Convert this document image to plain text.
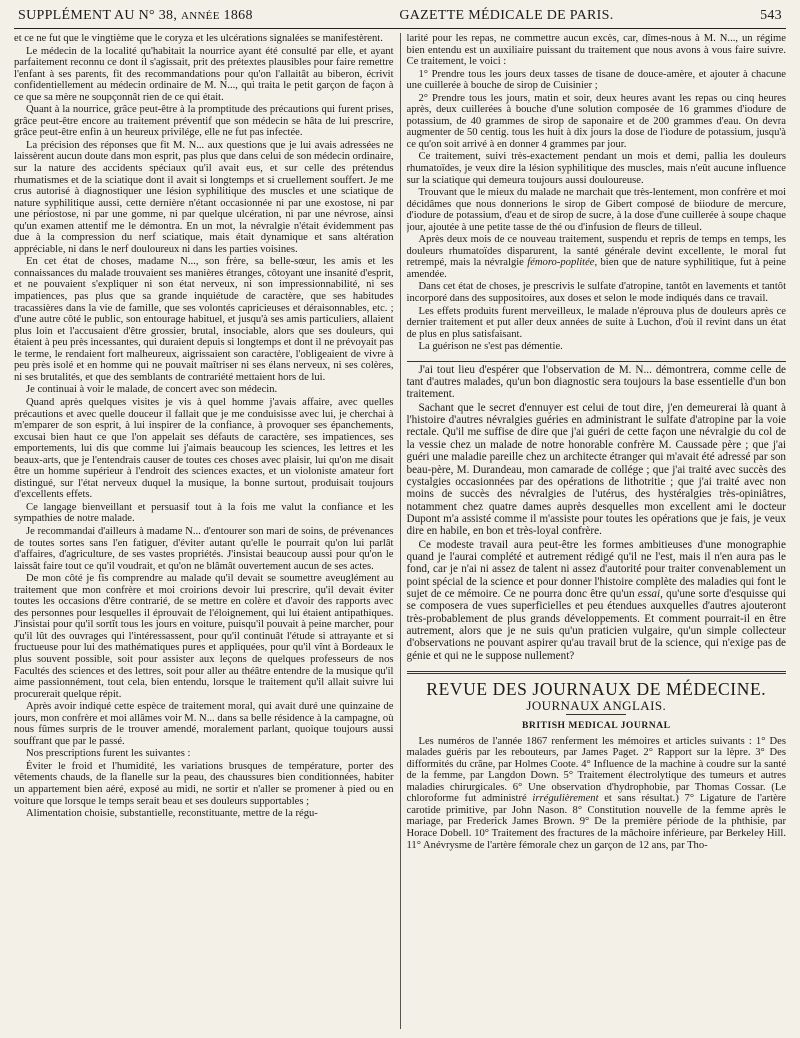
SUPPLÉMENT AU N° 38, ANNÉE 1868	GAZETTE MÉDICALE DE PARIS.	543

et ce ne fut que le vingtième que le coryza et les ulcérations signalées se manifestèrent.

Le médecin de la localité qu'habitait la nourrice ayant été consulté par elle, et ayant parfaitement reconnu ce dont il s'agissait, prit des prétextes plausibles pour faire remettre l'enfant à ses parents, fit des recommandations pour qu'on l'allaitât au biberon, écrivit confidentiellement au médecin ordinaire de M. N..., qui traita le petit garçon de façon à ce que sa mère ne soupçonnât rien de ce qui était.

Quant à la nourrice, grâce peut-être à la promptitude des précautions qui furent prises, grâce peut-être encore au traitement préventif que son médecin se hâta de lui prescrire, grâce peut-être enfin à un heureux privilége, elle ne fut pas infectée.

La précision des réponses que fit M. N... aux questions que je lui avais adressées ne laissèrent aucun doute dans mon esprit, pas plus que dans celui de son médecin ordinaire, sur la nature des accidents spéciaux qu'il avait eus, et sur celle des prétendus rhumatismes et de la sciatique dont il avait si longtemps et si cruellement souffert. Je me crus autorisé à diagnostiquer une lésion syphilitique des muscles et une sciatique de nature syphilitique aussi, cette dernière n'étant occasionnée ni par une exostose, ni par une périostose, ni par une gomme, ni par quelque ulcération, ni par une névrose, ainsi qu'un examen attentif me le démontra. En un mot, la névralgie n'était évidemment pas due à la compression du nerf sciatique, mais était dynamique et sans altération appréciable, ni dans le nerf douloureux ni dans les parties voisines.

En cet état de choses, madame N..., son frère, sa belle-sœur, les amis et les connaissances du malade trouvaient ses manières étranges, côtoyant une insanité d'esprit, et ne pouvaient s'expliquer ni son état nerveux, ni son impressionnabilité, ni ses impatiences, pas plus que sa grande inquiétude de caractère, que ses habitudes tracassières dans la vie de famille, que ses volontés capricieuses et déraisonnables, etc. ; d'une autre côté le public, son entourage habituel, et jusqu'à ses amis particuliers, allaient plus loin et l'accusaient d'être grossier, brutal, insociable, alors que ses douleurs, qui étaient à peu près incessantes, qui duraient depuis si longtemps et dont il ne prévoyait pas le terme, le rendaient fort malheureux, aigrissaient son caractère, l'obligeaient de vivre à peu près isolé et en homme qui ne pouvait maîtriser ni ses élans nerveux, ni ses colères, ni ses brutalités, et que des semblants de contrariété mettaient hors de lui.

Je continuai à voir le malade, de concert avec son médecin.

Quand après quelques visites je vis à quel homme j'avais affaire, avec quelles précautions et avec quelle douceur il fallait que je me conduisisse avec lui, je cherchai à m'emparer de son esprit, à lui inspirer de la confiance, à provoquer ses épanchements, excusai bien haut ce que l'on appelait ses défauts de caractère, ses impatiences, ses emportements, lui dis que comme lui j'aimais beaucoup les sciences, les lettres et les beaux-arts, que je l'entendrais causer de toutes ces choses avec plaisir, lui qu'on me disait être un homme supérieur à l'endroit des sciences exactes, et un violoniste amateur fort distingué, sur l'état nerveux duquel la musique, la bonne surtout, produisait toujours d'excellents effets.

Ce langage bienveillant et persuasif tout à la fois me valut la confiance et les sympathies de notre malade.

Je recommandai d'ailleurs à madame N... d'entourer son mari de soins, de prévenances de toutes sortes sans l'en fatiguer, d'éviter autant qu'elle le pourrait qu'on lui parlât d'affaires, d'agriculture, de ses vastes propriétés. J'insistai beaucoup aussi pour qu'on le laissât faire tout ce qu'il voudrait, et qu'on ne blâmât ouvertement aucun de ses actes.

De mon côté je fis comprendre au malade qu'il devait se soumettre aveuglément au traitement que mon confrère et moi croirions devoir lui prescrire, qu'il devait éviter toutes les occasions d'être contrarié, de se mettre en colère et d'avoir des rapports avec des personnes pour lesquelles il éprouvait de l'éloignement, qui lui étaient antipathiques. J'insistai pour qu'il sortît tous les jours en voiture, puisqu'il pouvait à peine marcher, pour qu'il lût des ouvrages qui l'intéressassent, pour qu'il continuât l'étude si attrayante et si fructueuse pour lui des mathématiques pures et appliquées, pour qu'il vînt à Bordeaux le plus souvent possible, soit pour assister aux leçons de quelques professeurs de nos Facultés des sciences et des lettres, soit pour aller au théâtre entendre de la musique qu'il aime passionnément, tout cela, bien entendu, lorsque le traitement qu'il allait suivre lui procurerait quelque répit.

Après avoir indiqué cette espèce de traitement moral, qui avait duré une quinzaine de jours, mon confrère et moi allâmes voir M. N... dans sa belle résidence à la campagne, où nous fûmes surpris de le trouver amendé, moralement parlant, quoique toujours aussi souffrant que par le passé.

Nos prescriptions furent les suivantes :

Éviter le froid et l'humidité, les variations brusques de température, porter des vêtements chauds, de la flanelle sur la peau, des chaussures bien conditionnées, habiter un appartement bien aéré, exposé au midi, ne sortir et n'aller se promener à pied ou en voiture que lorsque le temps serait beau et ses douleurs supportables ;

Alimentation choisie, substantielle, reconstituante, mettre de la régu-

larité pour les repas, ne commettre aucun excès, car, dîmes-nous à M. N..., un régime bien entendu est un auxiliaire puissant du traitement que nous avons à vous faire suivre. Ce traitement, le voici :

1° Prendre tous les jours deux tasses de tisane de douce-amère, et ajouter à chacune une cuillerée à bouche de sirop de Cuisinier ;

2° Prendre tous les jours, matin et soir, deux heures avant les repas ou cinq heures après, deux cuillerées à bouche d'une solution composée de 16 grammes d'iodure de potassium, de 40 grammes de sirop de saponaire et de 200 grammes d'eau. On devra augmenter de 50 centig. tous les huit à dix jours la dose de l'iodure de potassium, jusqu'à ce qu'on soit arrivé à en donner 4 grammes par jour.

Ce traitement, suivi très-exactement pendant un mois et demi, pallia les douleurs rhumatoïdes, je veux dire la lésion syphilitique des muscles, mais n'eût aucune influence sur la sciatique qui demeura toujours aussi douloureuse.

Trouvant que le mieux du malade ne marchait que très-lentement, mon confrère et moi décidâmes que nous donnerions le sirop de Gibert composé de biiodure de mercure, d'iodure de potassium, d'eau et de sirop de sucre, à la dose d'une cuillerée à soupe chaque jour, ajoutée à une petite tasse de thé ou d'infusion de fleurs de tilleul.

Après deux mois de ce nouveau traitement, suspendu et repris de temps en temps, les douleurs rhumatoïdes disparurent, la santé générale devint excellente, le moral fut retrempé, mais la névralgie fémoro-poplitée, bien que de nature syphilitique, fut à peine amendée.

Dans cet état de choses, je prescrivis le sulfate d'atropine, tantôt en lavements et tantôt incorporé dans des suppositoires, aux doses et selon le mode indiqués dans ce travail.

Les effets produits furent merveilleux, le malade n'éprouva plus de douleurs après ce dernier traitement et put aller deux années de suite à Luchon, d'où il revint dans un état de plus en plus satisfaisant.

La guérison ne s'est pas démentie.

J'ai tout lieu d'espérer que l'observation de M. N... démontrera, comme celle de tant d'autres malades, qu'un bon diagnostic sera toujours la base essentielle d'un bon traitement.

Sachant que le secret d'ennuyer est celui de tout dire, j'en demeurerai là quant à l'histoire d'autres névralgies guéries en administrant le sulfate d'atropine par la voie rectale. Qu'il me suffise de dire que j'ai guéri de cette façon une névralgie du col de la vessie chez un malade de notre honorable confrère M. Caussade père ; que j'ai guéri une maladie pareille chez un architecte étranger qui m'avait été adressé par son beau-père, M. Durandeau, mon camarade de collége ; que j'ai traité avec succès des cystalgies occasionnées par des opérations de lithotritie ; que j'ai traité avec non moins de succès des névralgies de l'utérus, des hystéralgies très-opiniâtres, notamment chez quatre dames auprès desquelles mon excellent ami le docteur Dupont m'a assisté comme il m'assiste pour toutes les opérations que je fais, je veux dire en habile, en bon et très-loyal confrère.

Ce modeste travail aura peut-être les formes ambitieuses d'une monographie quand je l'aurai complété et autrement rédigé qu'il ne l'est, mais il n'en aura pas le fond, car je n'ai ni assez de talent ni assez d'autorité pour traiter convenablement un point spécial de la science et pour donner l'histoire complète des maladies qui font le sujet de ce mémoire. Ce ne pourra donc être qu'un essai, qu'une sorte d'esquisse qui se composera de vues superficielles et peu étendues auxquelles d'autres ajouteront très-probablement de plus grands développements. Et comment pourrait-il en être autrement, alors que je ne suis qu'un praticien vulgaire, qu'un simple collecteur d'observations ne pouvant aspirer qu'au travail brut de la science, qui n'exige pas de génie et qui ne le suppose nullement?

REVUE DES JOURNAUX DE MÉDECINE.
JOURNAUX ANGLAIS.
BRITISH MEDICAL JOURNAL

Les numéros de l'année 1867 renferment les mémoires et articles suivants : 1° Des malades guéris par les rebouteurs, par James Paget. 2° Rapport sur la lèpre. 3° Des difformités du crâne, par Holmes Coote. 4° Influence de la machine à coudre sur la santé de la femme, par Langdon Down. 5° Traitement électrolytique des tumeurs et autres maladies chirurgicales. 6° Une observation d'hydrophobie, par Thomas Cossar. (Le chloroforme fut administré irrégulièrement et sans résultat.) 7° Ligature de l'artère carotide primitive, par John Nason. 8° Constitution nouvelle de la femme après le mariage, par Frederick James Brown. 9° De la première période de la phthisie, par Horace Dobell. 10° Traitement des fractures de la mâchoire inférieure, par Berkeley Hill. 11° Anévrysme de l'artère fémorale chez un garçon de 12 ans, par Tho-
